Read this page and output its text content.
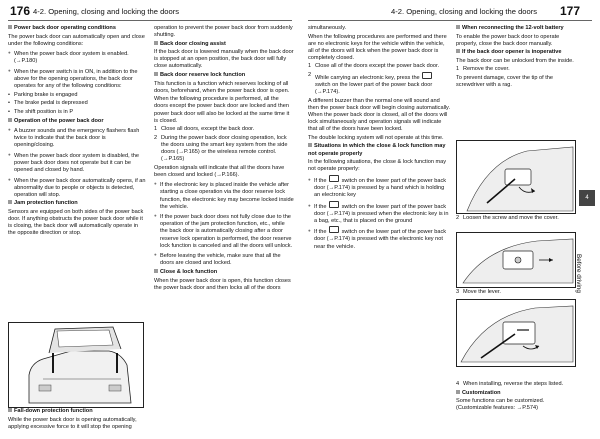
176 4-2. Opening, closing and locking the doors

Power back door operating conditions

The power back door can automatically open and close under the following conditions:

● When the power back door system is enabled. (→P.180)

● When the power switch is in ON, in addition to the above for the opening operations, the back door operates for any of the following conditions:

• Parking brake is engaged

• The brake pedal is depressed

• The shift position is in P

Operation of the power back door

● A buzzer sounds and the emergency flashers flash twice to indicate that the back door is opening/closing.

● When the power back door system is disabled, the power back door does not operate but it can be opened and closed by hand.

● When the power back door automatically opens, if an abnormality due to people or objects is detected, operation will stop.

Jam protection function

Sensors are equipped on both sides of the power back door. If anything obstructs the power back door while it is closing, the back door will automatically operate in the opposite direction or stop.

Fall-down protection function

While the power back door is opening automatically, applying excessive force to it will stop the opening

operation to prevent the power back door from suddenly shutting.

Back door closing assist

If the back door is lowered manually when the back door is stopped at an open position, the back door will fully close automatically.

Back door reserve lock function

This function is a function which reserves locking of all doors, beforehand, when the power back door is open.

When the following procedure is performed, all the doors except the power back door are locked and then power back door will also be locked at the same time it is closed.

1 Close all doors, except the back door.
2 During the power back door closing operation, lock the doors using the smart key system from the side doors (→P.165) or the wireless remote control. (→P.165)

Operation signals will indicate that all the doors have been closed and locked (→P.166).

● If the electronic key is placed inside the vehicle after starting a close operation via the door reserve lock function, the electronic key may become locked inside the vehicle.

● If the power back door does not fully close due to the operation of the jam protection function, etc., while the back door is automatically closing after a door reserve lock operation is performed, the door reserve lock function is canceled and all the doors will unlock.

● Before leaving the vehicle, make sure that all the doors are closed and locked.

Close & lock function

When the power back door is open, this function closes the power back door and then locks all of the doors

4-2. Opening, closing and locking the doors 177

simultaneously.

When the following procedures are performed and there are no electronic keys for the vehicle within the vehicle, all of the doors will lock when the power back door is completely closed.

1 Close all of the doors except the power back door.
2 While carrying an electronic key, press the  switch on the lower part of the power back door (→P.174).

A different buzzer than the normal one will sound and then the power back door will begin closing automatically. When the power back door is closed, all of the doors will lock simultaneously and operation signals will indicate that all of the doors have been locked.

The double locking system will not operate at this time.

Situations in which the close & lock function may not operate properly

In the following situations, the close & lock function may not operate properly:

● If the	switch on the lower part of the power back door (→P.174) is pressed by a hand which is holding an electronic key

● If the	switch on the lower part of the power back door (→P.174) is pressed when the electronic key is in a bag, etc., that is placed on the ground

● If the	switch on the lower part of the power back door (→P.174) is pressed with the electronic key not near the vehicle.

When reconnecting the 12-volt battery

To enable the power back door to operate properly, close the back door manually.

If the back door opener is inoperative

The back door can be unlocked from the inside.

1 Remove the cover.

To prevent damage, cover the tip of the screwdriver with a rag.

2 Loosen the screw and move the cover.
3 Move the lever.
4 When installing, reverse the steps listed.

Customization

Some functions can be customized. (Customizable features: →P.574)

4
Before driving
